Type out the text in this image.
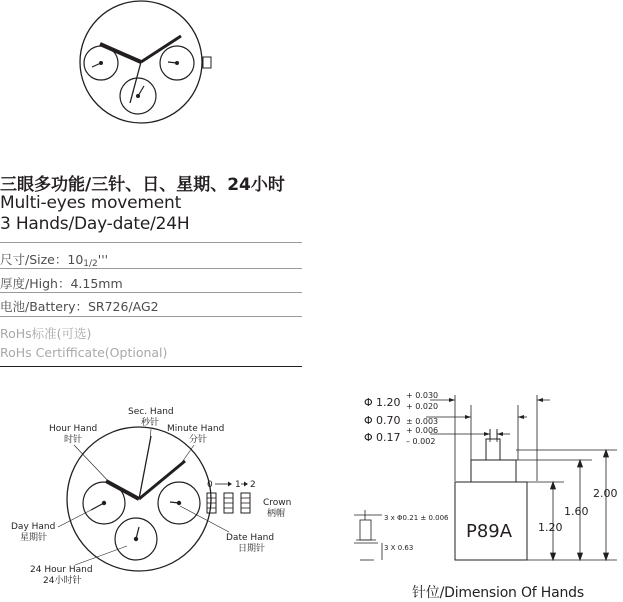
三眼多功能/三针、日、星期、24小时
Multi-eyes movement
3 Hands/Day-date/24H
尺寸/Size：$10_{1/2}'''$
厚度/High：4.15mm
电池/Battery：SR726/AG2
RoHs标准(可选)
RoHs Certifficate(Optional)
0 1 2
Sec. Hand
秒针
Hour Hand
时针
Minute Hand
分针
Crown
柄帽
Day Hand
星期针	Date Hand
日期针
24 Hour Hand
24小时针
Φ 1.20
+ 0.030
+ 0.020
Φ 0.70 ± 0.003
Φ 0.17
+ 0.006
– 0.002
P89A 1.20
1.60
2.00
3 x Φ0.21 ± 0.006
3 X 0.63
针位/Dimension Of Hands
